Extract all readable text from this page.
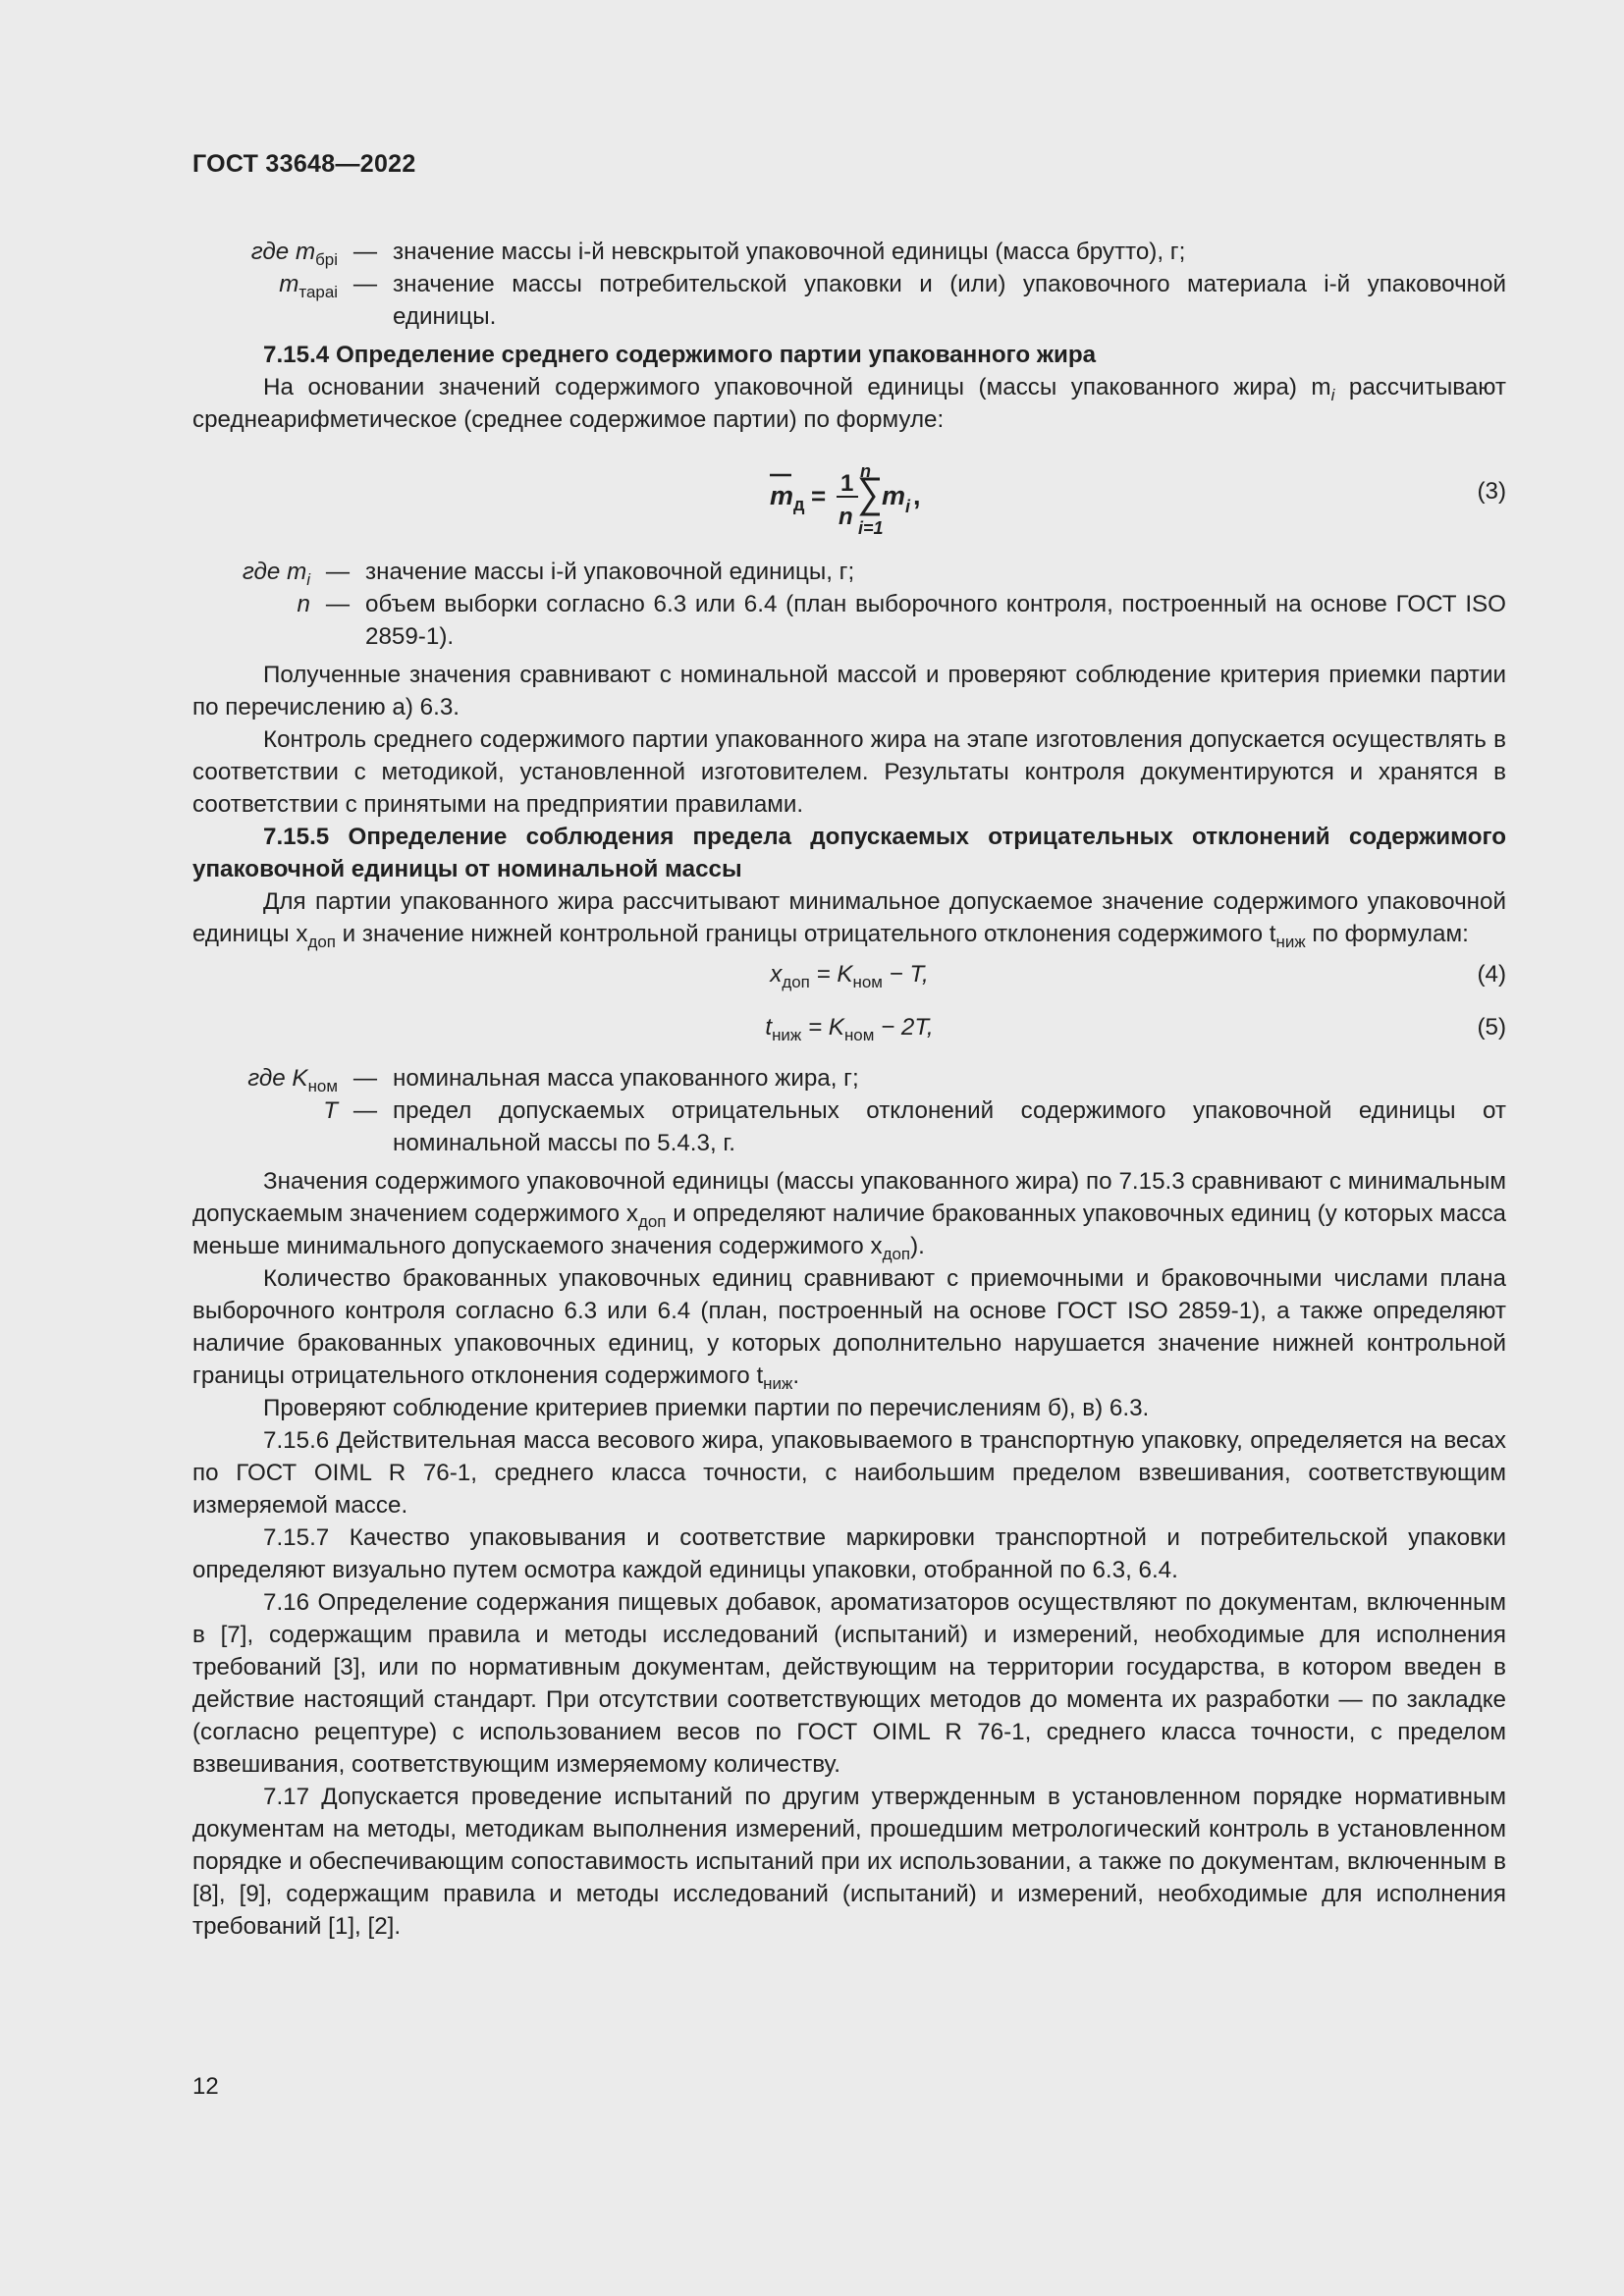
ГОСТ 33648—2022
где $m_{брi}$ — значение массы i-й невскрытой упаковочной единицы (масса брутто), г;
$m_{тараi}$ — значение массы потребительской упаковки и (или) упаковочного материала i-й упаковочной единицы.

7.15.4 Определение среднего содержимого партии упакованного жира

На основании значений содержимого упаковочной единицы (массы упакованного жира) $m_i$ рассчитывают среднеарифметическое (среднее содержимое партии) по формуле:

m д = 1
n
n
i=1
m i ,	(3)
где $m_i$ — значение массы i-й упаковочной единицы, г;
n — объем выборки согласно 6.3 или 6.4 (план выборочного контроля, построенный на основе ГОСТ ISO 2859-1).

Полученные значения сравнивают с номинальной массой и проверяют соблюдение критерия приемки партии по перечислению а) 6.3.

Контроль среднего содержимого партии упакованного жира на этапе изготовления допускается осуществлять в соответствии с методикой, установленной изготовителем. Результаты контроля документируются и хранятся в соответствии с принятыми на предприятии правилами.

7.15.5 Определение соблюдения предела допускаемых отрицательных отклонений содержимого упаковочной единицы от номинальной массы

Для партии упакованного жира рассчитывают минимальное допускаемое значение содержимого упаковочной единицы $x_{доп}$ и значение нижней контрольной границы отрицательного отклонения содержимого $t_{ниж}$ по формулам:

$x_{доп} = K_{ном} - T$,	(4)
$t_{ниж} = K_{ном} - 2T$,	(5)
где $K_{ном}$ — номинальная масса упакованного жира, г;
T — предел допускаемых отрицательных отклонений содержимого упаковочной единицы от номинальной массы по 5.4.3, г.

Значения содержимого упаковочной единицы (массы упакованного жира) по 7.15.3 сравнивают с минимальным допускаемым значением содержимого $x_{доп}$ и определяют наличие бракованных упаковочных единиц (у которых масса меньше минимального допускаемого значения содержимого $x_{доп}$).

Количество бракованных упаковочных единиц сравнивают с приемочными и браковочными числами плана выборочного контроля согласно 6.3 или 6.4 (план, построенный на основе ГОСТ ISO 2859-1), а также определяют наличие бракованных упаковочных единиц, у которых дополнительно нарушается значение нижней контрольной границы отрицательного отклонения содержимого $t_{ниж}$.

Проверяют соблюдение критериев приемки партии по перечислениям б), в) 6.3.

7.15.6 Действительная масса весового жира, упаковываемого в транспортную упаковку, определяется на весах по ГОСТ OIML R 76-1, среднего класса точности, с наибольшим пределом взвешивания, соответствующим измеряемой массе.

7.15.7 Качество упаковывания и соответствие маркировки транспортной и потребительской упаковки определяют визуально путем осмотра каждой единицы упаковки, отобранной по 6.3, 6.4.

7.16 Определение содержания пищевых добавок, ароматизаторов осуществляют по документам, включенным в [7], содержащим правила и методы исследований (испытаний) и измерений, необходимые для исполнения требований [3], или по нормативным документам, действующим на территории государства, в котором введен в действие настоящий стандарт. При отсутствии соответствующих методов до момента их разработки — по закладке (согласно рецептуре) с использованием весов по ГОСТ OIML R 76-1, среднего класса точности, с пределом взвешивания, соответствующим измеряемому количеству.

7.17 Допускается проведение испытаний по другим утвержденным в установленном порядке нормативным документам на методы, методикам выполнения измерений, прошедшим метрологический контроль в установленном порядке и обеспечивающим сопоставимость испытаний при их использовании, а также по документам, включенным в [8], [9], содержащим правила и методы исследований (испытаний) и измерений, необходимые для исполнения требований [1], [2].

12
